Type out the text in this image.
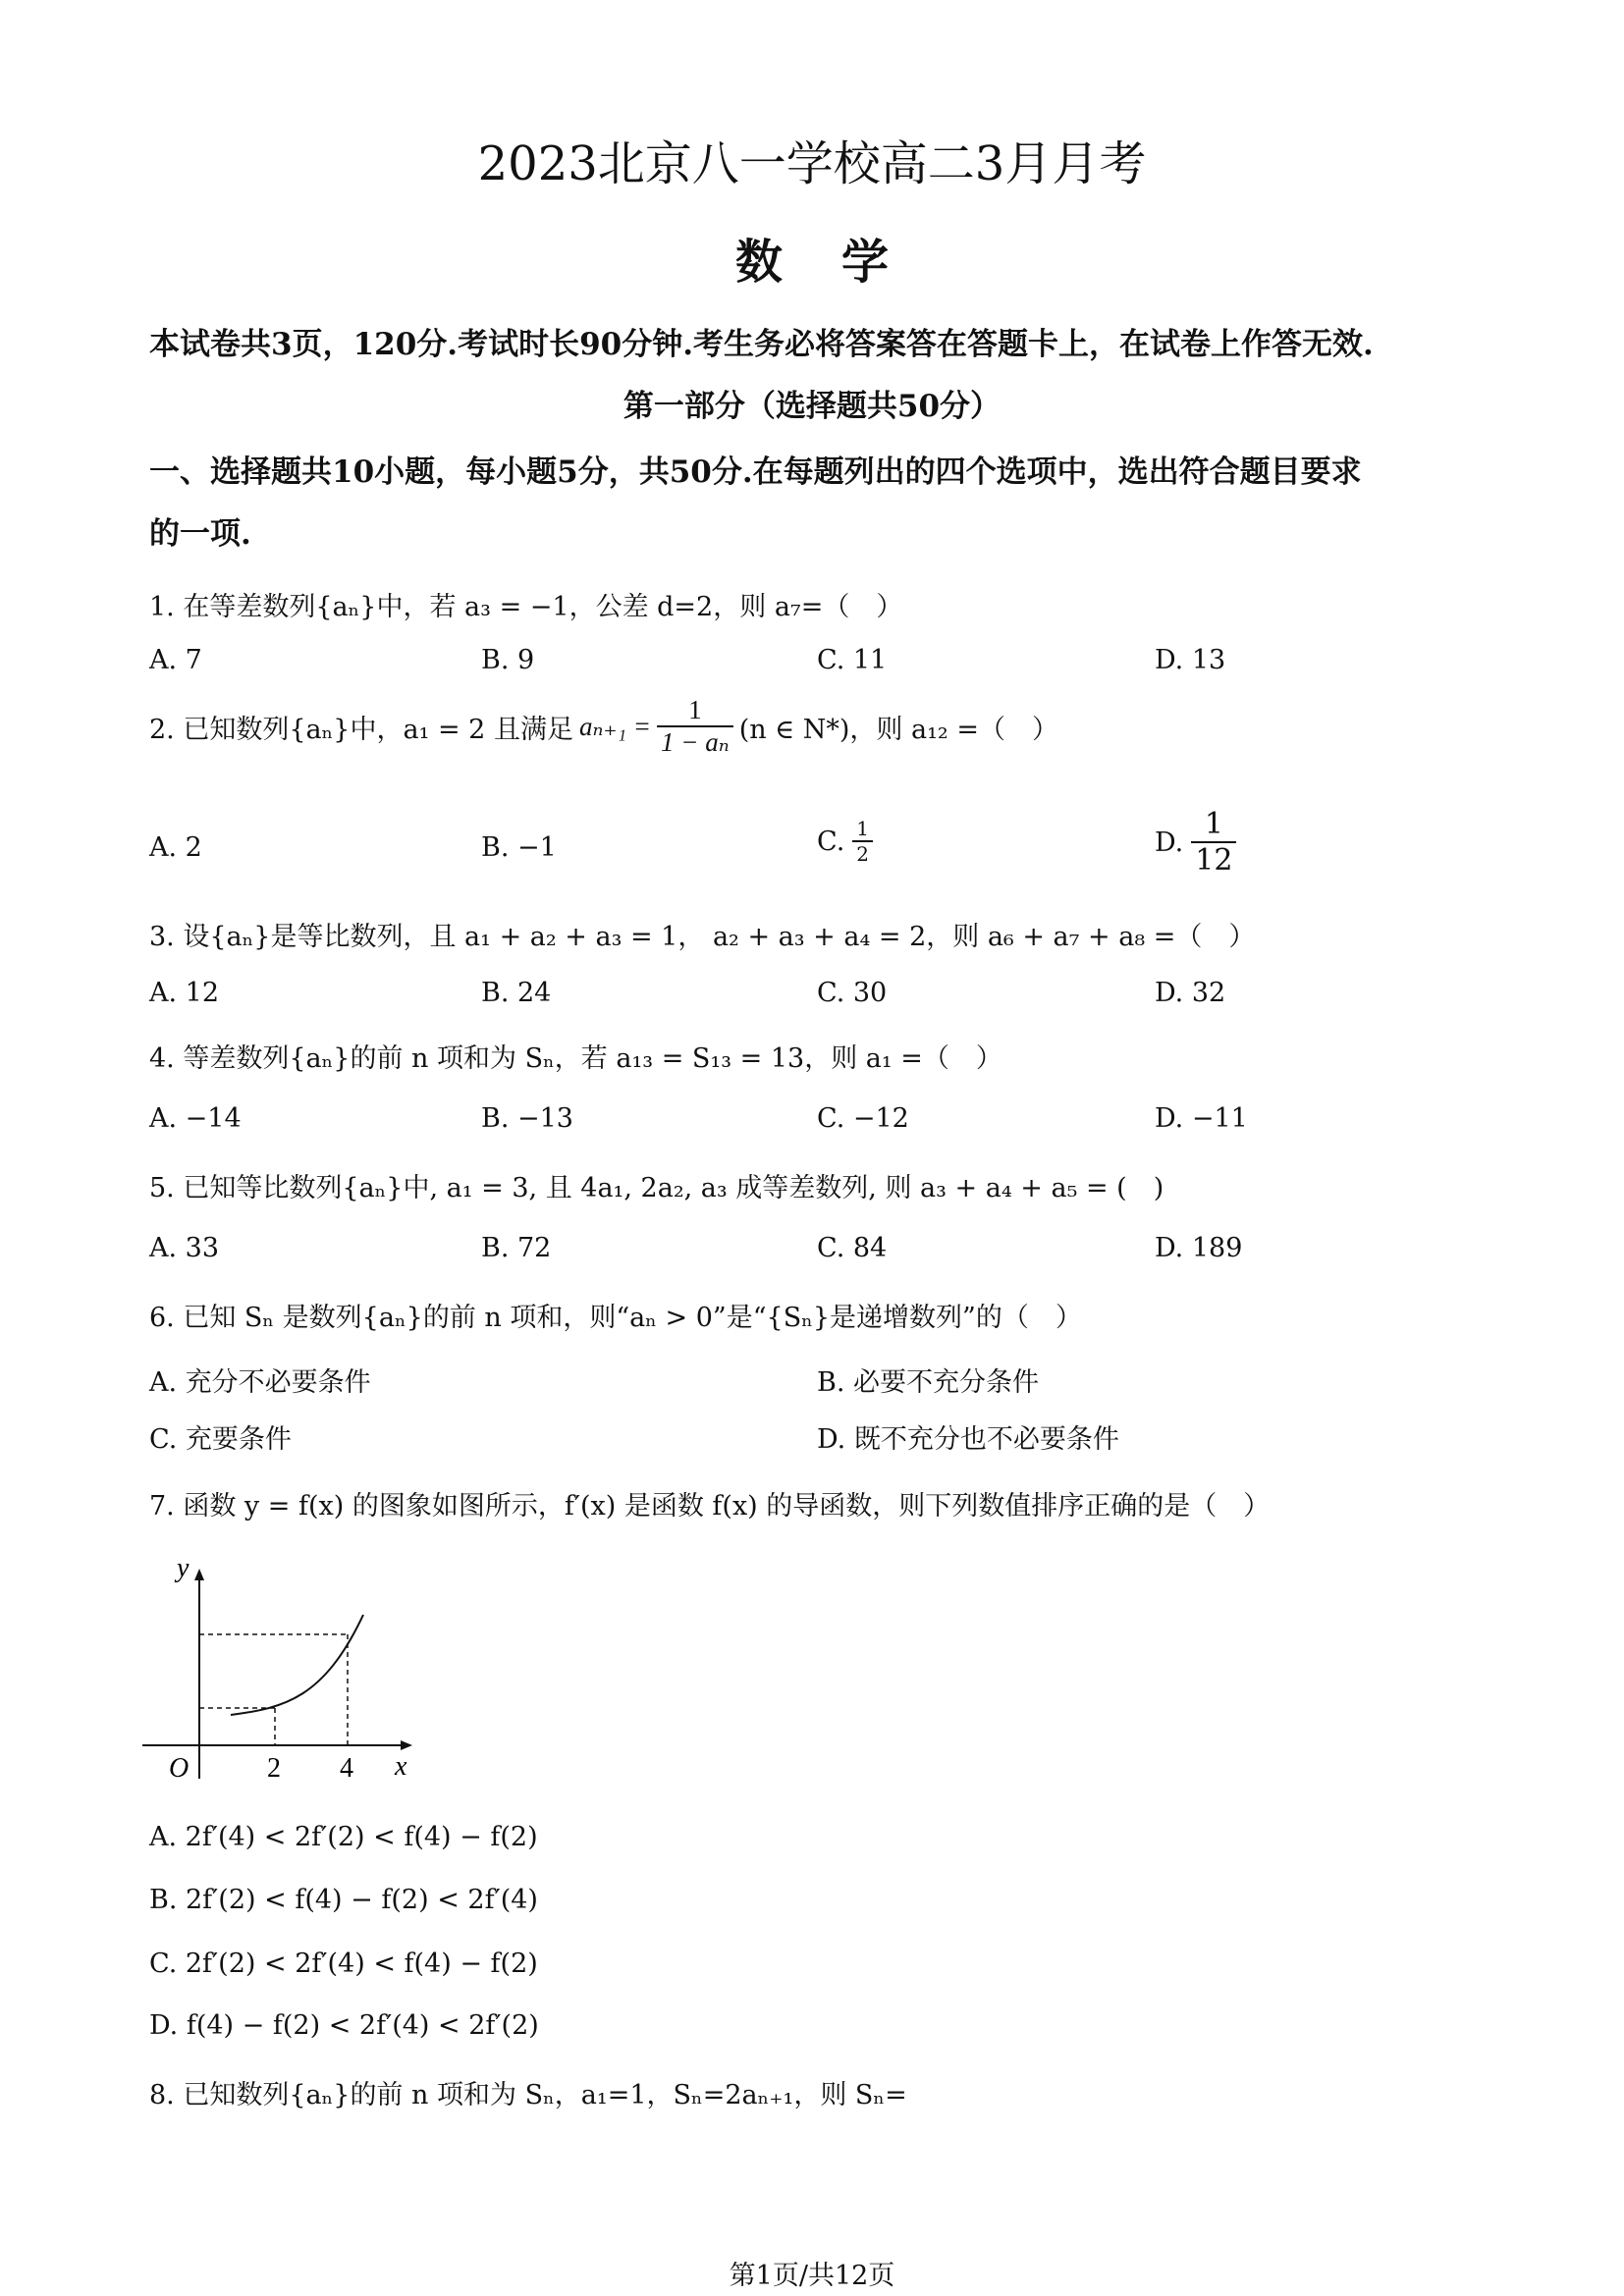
2023北京八一学校高二3月月考
数学
本试卷共3页，120分.考试时长90分钟.考生务必将答案答在答题卡上，在试卷上作答无效.
第一部分（选择题共50分）
一、选择题共10小题，每小题5分，共50分.在每题列出的四个选项中，选出符合题目要求
的一项.
1. 在等差数列{aₙ}中，若 a₃ = −1，公差 d=2，则 a₇=（　）
A. 7	B. 9	C. 11	D. 13
2. 已知数列{aₙ}中，a₁ = 2 且满足 $a_{n+1} = \frac{1}{\text{1 − aₙ}} (n$ ∈ N*)，则 a₁₂ =（　）
A. 2	B. −1	C. $\frac{1}{2}$	D. $\frac{1}{12}$
3. 设{aₙ}是等比数列，且 a₁ + a₂ + a₃ = 1， a₂ + a₃ + a₄ = 2，则 a₆ + a₇ + a₈ =（　）
A. 12	B. 24	C. 30	D. 32
4. 等差数列{aₙ}的前 n 项和为 Sₙ，若 a₁₃ = S₁₃ = 13，则 a₁ =（　）
A. −14	B. −13	C. −12	D. −11
5. 已知等比数列{aₙ}中, a₁ = 3, 且 4a₁, 2a₂, a₃ 成等差数列, 则 a₃ + a₄ + a₅ = (　)
A. 33	B. 72	C. 84	D. 189
6. 已知 Sₙ 是数列{aₙ}的前 n 项和，则“aₙ > 0”是“{Sₙ}是递增数列”的（　）
A. 充分不必要条件	B. 必要不充分条件
C. 充要条件	D. 既不充分也不必要条件
7. 函数 y = f(x) 的图象如图所示，f′(x) 是函数 f(x) 的导函数，则下列数值排序正确的是（　）
y
x
O	2 4
A. 2f′(4) < 2f′(2) < f(4) − f(2)
B. 2f′(2) < f(4) − f(2) < 2f′(4)
C. 2f′(2) < 2f′(4) < f(4) − f(2)
D. f(4) − f(2) < 2f′(4) < 2f′(2)
8. 已知数列{aₙ}的前 n 项和为 Sₙ，a₁=1，Sₙ=2aₙ₊₁，则 Sₙ=
第1页/共12页
